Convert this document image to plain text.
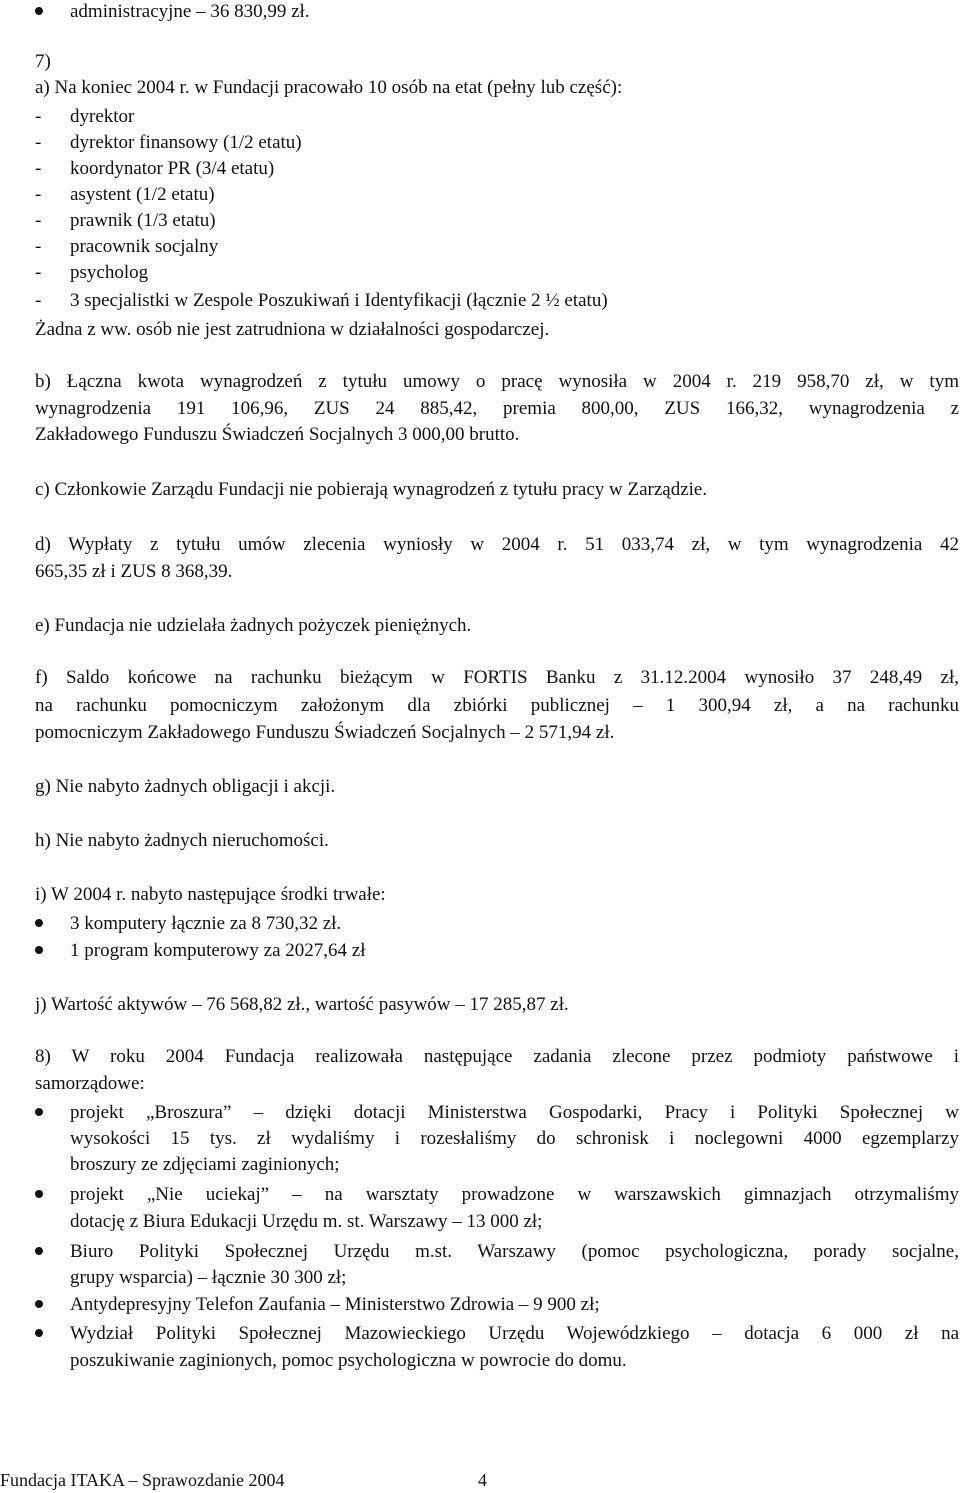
administracyjne – 36 830,99 zł.
7)
a) Na koniec 2004 r. w Fundacji pracowało 10 osób na etat (pełny lub część):
- dyrektor
- dyrektor finansowy (1/2 etatu)
- koordynator PR (3/4 etatu)
- asystent (1/2 etatu)
- prawnik (1/3 etatu)
- pracownik socjalny
- psycholog
- 3 specjalistki w Zespole Poszukiwań i Identyfikacji (łącznie 2 ½ etatu)
Żadna z ww. osób nie jest zatrudniona w działalności gospodarczej.
b) Łączna kwota wynagrodzeń z tytułu umowy o pracę wynosiła w 2004 r. 219 958,70 zł, w tym
wynagrodzenia 191 106,96, ZUS 24 885,42, premia 800,00, ZUS 166,32, wynagrodzenia z
Zakładowego Funduszu Świadczeń Socjalnych 3 000,00 brutto.
c) Członkowie Zarządu Fundacji nie pobierają wynagrodzeń z tytułu pracy w Zarządzie.
d) Wypłaty z tytułu umów zlecenia wyniosły w 2004 r. 51 033,74 zł, w tym wynagrodzenia 42
665,35 zł i ZUS 8 368,39.
e) Fundacja nie udzielała żadnych pożyczek pieniężnych.
f) Saldo końcowe na rachunku bieżącym w FORTIS Banku z 31.12.2004 wynosiło 37 248,49 zł,
na rachunku pomocniczym założonym dla zbiórki publicznej – 1 300,94 zł, a na rachunku
pomocniczym Zakładowego Funduszu Świadczeń Socjalnych – 2 571,94 zł.
g) Nie nabyto żadnych obligacji i akcji.
h) Nie nabyto żadnych nieruchomości.
i) W 2004 r. nabyto następujące środki trwałe:
3 komputery łącznie za 8 730,32 zł.
1 program komputerowy za 2027,64 zł
j) Wartość aktywów – 76 568,82 zł., wartość pasywów – 17 285,87 zł.
8) W roku 2004 Fundacja realizowała następujące zadania zlecone przez podmioty państwowe i
samorządowe:
projekt „Broszura” – dzięki dotacji Ministerstwa Gospodarki, Pracy i Polityki Społecznej w
wysokości 15 tys. zł wydaliśmy i rozesłaliśmy do schronisk i noclegowni 4000 egzemplarzy
broszury ze zdjęciami zaginionych;
projekt „Nie uciekaj” – na warsztaty prowadzone w warszawskich gimnazjach otrzymaliśmy
dotację z Biura Edukacji Urzędu m. st. Warszawy – 13 000 zł;
Biuro Polityki Społecznej Urzędu m.st. Warszawy (pomoc psychologiczna, porady socjalne,
grupy wsparcia) – łącznie 30 300 zł;
Antydepresyjny Telefon Zaufania – Ministerstwo Zdrowia – 9 900 zł;
Wydział Polityki Społecznej Mazowieckiego Urzędu Wojewódzkiego – dotacja 6 000 zł na
poszukiwanie zaginionych, pomoc psychologiczna w powrocie do domu.
Fundacja ITAKA – Sprawozdanie 2004	4
